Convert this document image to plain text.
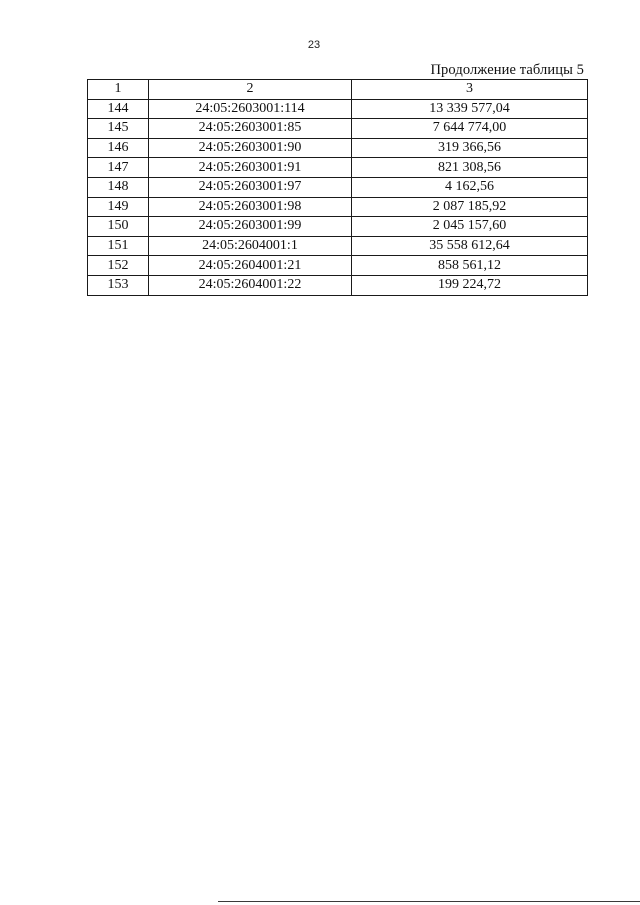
23
Продолжение таблицы 5
1	2	3
144	24:05:2603001:114	13 339 577,04
145	24:05:2603001:85	7 644 774,00
146	24:05:2603001:90	319 366,56
147	24:05:2603001:91	821 308,56
148	24:05:2603001:97	4 162,56
149	24:05:2603001:98	2 087 185,92
150	24:05:2603001:99	2 045 157,60
151	24:05:2604001:1	35 558 612,64
152	24:05:2604001:21	858 561,12
153	24:05:2604001:22	199 224,72
